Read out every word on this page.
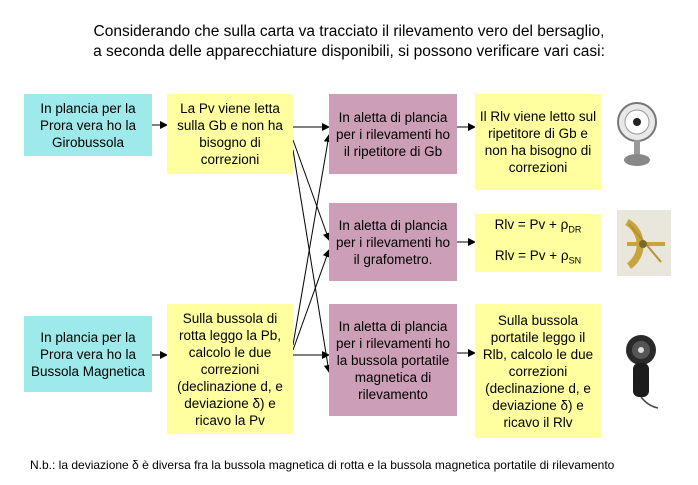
Considerando che sulla carta va tracciato il rilevamento vero del bersaglio,
a seconda delle apparecchiature disponibili, si possono verificare vari casi:
In plancia per la Prora vera ho la Girobussola
La Pv viene letta sulla Gb e non ha bisogno di correzioni
In aletta di plancia per i rilevamenti ho il ripetitore di Gb
Il Rlv viene letto sul ripetitore di Gb e non ha bisogno di correzioni
In aletta di plancia per i rilevamenti ho il grafometro.
Rlv = $Pv + \rho_{DR}$
Rlv = $Pv + \rho_{SN}$
In plancia per la Prora vera ho la Bussola Magnetica
Sulla bussola di rotta leggo la Pb, calcolo le due correzioni (declinazione d, e deviazione δ) e ricavo la Pv
In aletta di plancia per i rilevamenti ho la bussola portatile magnetica di rilevamento
Sulla bussola portatile leggo il Rlb, calcolo le due correzioni (declinazione d, e deviazione δ) e ricavo il Rlv
N.b.: la deviazione δ è diversa fra la bussola magnetica di rotta e la bussola magnetica portatile di rilevamento
